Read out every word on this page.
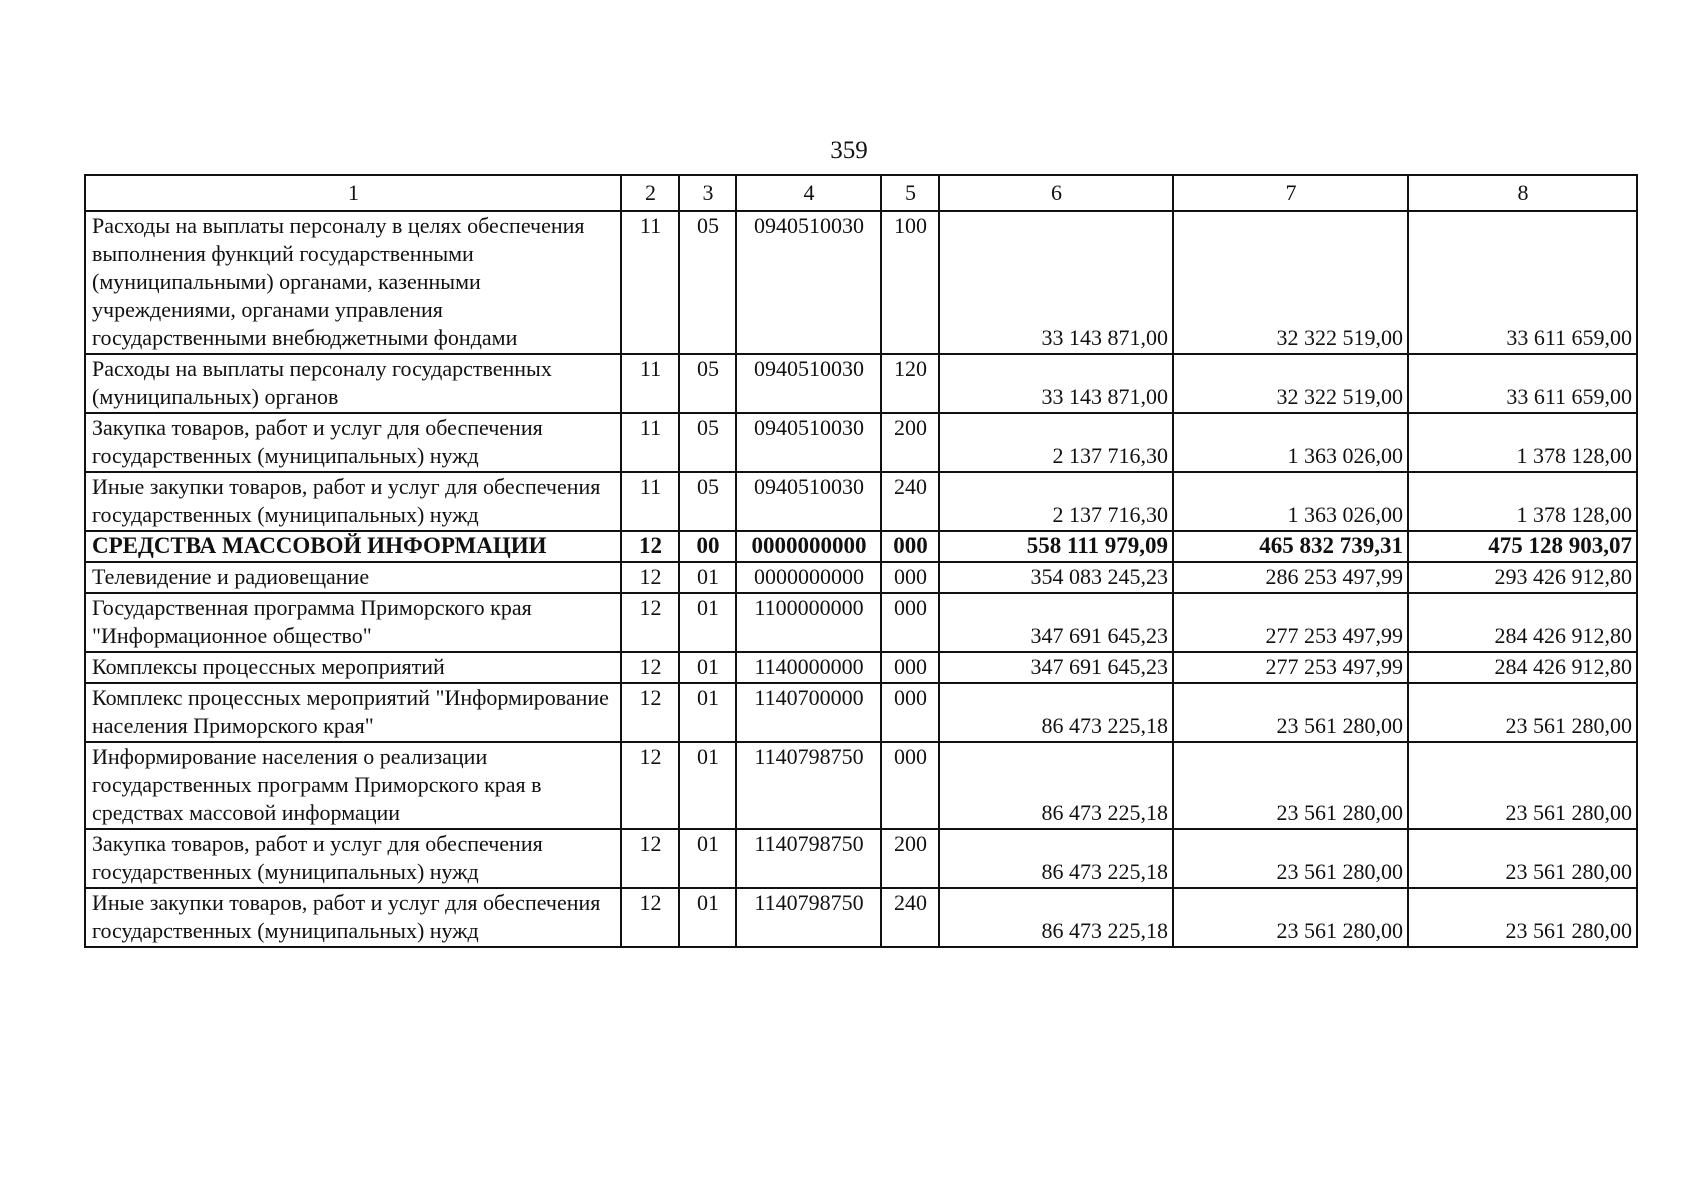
359
1	2	3	4	5	6	7	8
Расходы на выплаты персоналу в целях обеспечения выполнения функций государственными (муниципальными) органами, казенными учреждениями, органами управления государственными внебюджетными фондами	11	05	0940510030	100	33 143 871,00	32 322 519,00	33 611 659,00
Расходы на выплаты персоналу государственных (муниципальных) органов	11	05	0940510030	120	33 143 871,00	32 322 519,00	33 611 659,00
Закупка товаров, работ и услуг для обеспечения государственных (муниципальных) нужд	11	05	0940510030	200	2 137 716,30	1 363 026,00	1 378 128,00
Иные закупки товаров, работ и услуг для обеспечения государственных (муниципальных) нужд	11	05	0940510030	240	2 137 716,30	1 363 026,00	1 378 128,00
СРЕДСТВА МАССОВОЙ ИНФОРМАЦИИ	12	00	0000000000	000	558 111 979,09	465 832 739,31	475 128 903,07
Телевидение и радиовещание	12	01	0000000000	000	354 083 245,23	286 253 497,99	293 426 912,80
Государственная программа Приморского края "Информационное общество"	12	01	1100000000	000	347 691 645,23	277 253 497,99	284 426 912,80
Комплексы процессных мероприятий	12	01	1140000000	000	347 691 645,23	277 253 497,99	284 426 912,80
Комплекс процессных мероприятий "Информирование населения Приморского края"	12	01	1140700000	000	86 473 225,18	23 561 280,00	23 561 280,00
Информирование населения о реализации государственных программ Приморского края в средствах массовой информации	12	01	1140798750	000	86 473 225,18	23 561 280,00	23 561 280,00
Закупка товаров, работ и услуг для обеспечения государственных (муниципальных) нужд	12	01	1140798750	200	86 473 225,18	23 561 280,00	23 561 280,00
Иные закупки товаров, работ и услуг для обеспечения государственных (муниципальных) нужд	12	01	1140798750	240	86 473 225,18	23 561 280,00	23 561 280,00
